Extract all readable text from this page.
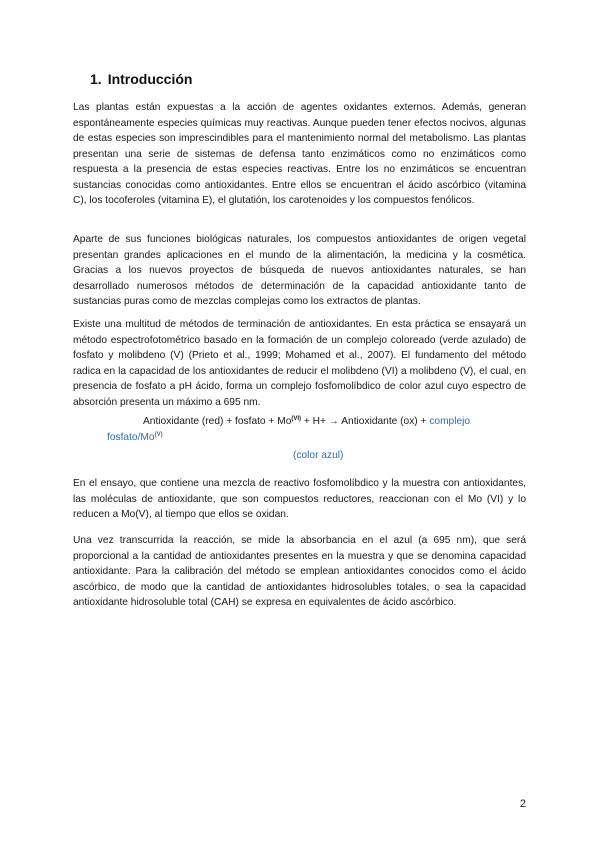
1. Introducción

Las plantas están expuestas a la acción de agentes oxidantes externos. Además, generan espontáneamente especies químicas muy reactivas. Aunque pueden tener efectos nocivos, algunas de estas especies son imprescindibles para el mantenimiento normal del metabolismo. Las plantas presentan una serie de sistemas de defensa tanto enzimáticos como no enzimáticos como respuesta a la presencia de estas especies reactivas. Entre los no enzimáticos se encuentran sustancias conocidas como antioxidantes. Entre ellos se encuentran el ácido ascórbico (vitamina C), los tocoferoles (vitamina E), el glutatión, los carotenoides y los compuestos fenólicos.

Aparte de sus funciones biológicas naturales, los compuestos antioxidantes de origen vegetal presentan grandes aplicaciones en el mundo de la alimentación, la medicina y la cosmética. Gracias a los nuevos proyectos de búsqueda de nuevos antioxidantes naturales, se han desarrollado numerosos métodos de determinación de la capacidad antioxidante tanto de sustancias puras como de mezclas complejas como los extractos de plantas.

Existe una multitud de métodos de terminación de antioxidantes. En esta práctica se ensayará un método espectrofotométrico basado en la formación de un complejo coloreado (verde azulado) de fosfato y molibdeno (V) (Prieto et al., 1999; Mohamed et al., 2007). El fundamento del método radica en la capacidad de los antioxidantes de reducir el molibdeno (VI) a molibdeno (V), el cual, en presencia de fosfato a pH ácido, forma un complejo fosfomolíbdico de color azul cuyo espectro de absorción presenta un máximo a 695 nm.

Antioxidante (red) + fosfato + $Mo^{(VI)} + H+$ → Antioxidante (ox) + complejo
fosfato/$Mo^{(V)}$
(color azul)

En el ensayo, que contiene una mezcla de reactivo fosfomolíbdico y la muestra con antioxidantes, las moléculas de antioxidante, que son compuestos reductores, reaccionan con el Mo (VI) y lo reducen a Mo(V), al tiempo que ellos se oxidan.

Una vez transcurrida la reacción, se mide la absorbancia en el azul (a 695 nm), que será proporcional a la cantidad de antioxidantes presentes en la muestra y que se denomina capacidad antioxidante. Para la calibración del método se emplean antioxidantes conocidos como el ácido ascórbico, de modo que la cantidad de antioxidantes hidrosolubles totales, o sea la capacidad antioxidante hidrosoluble total (CAH) se expresa en equivalentes de ácido ascórbico.

2
